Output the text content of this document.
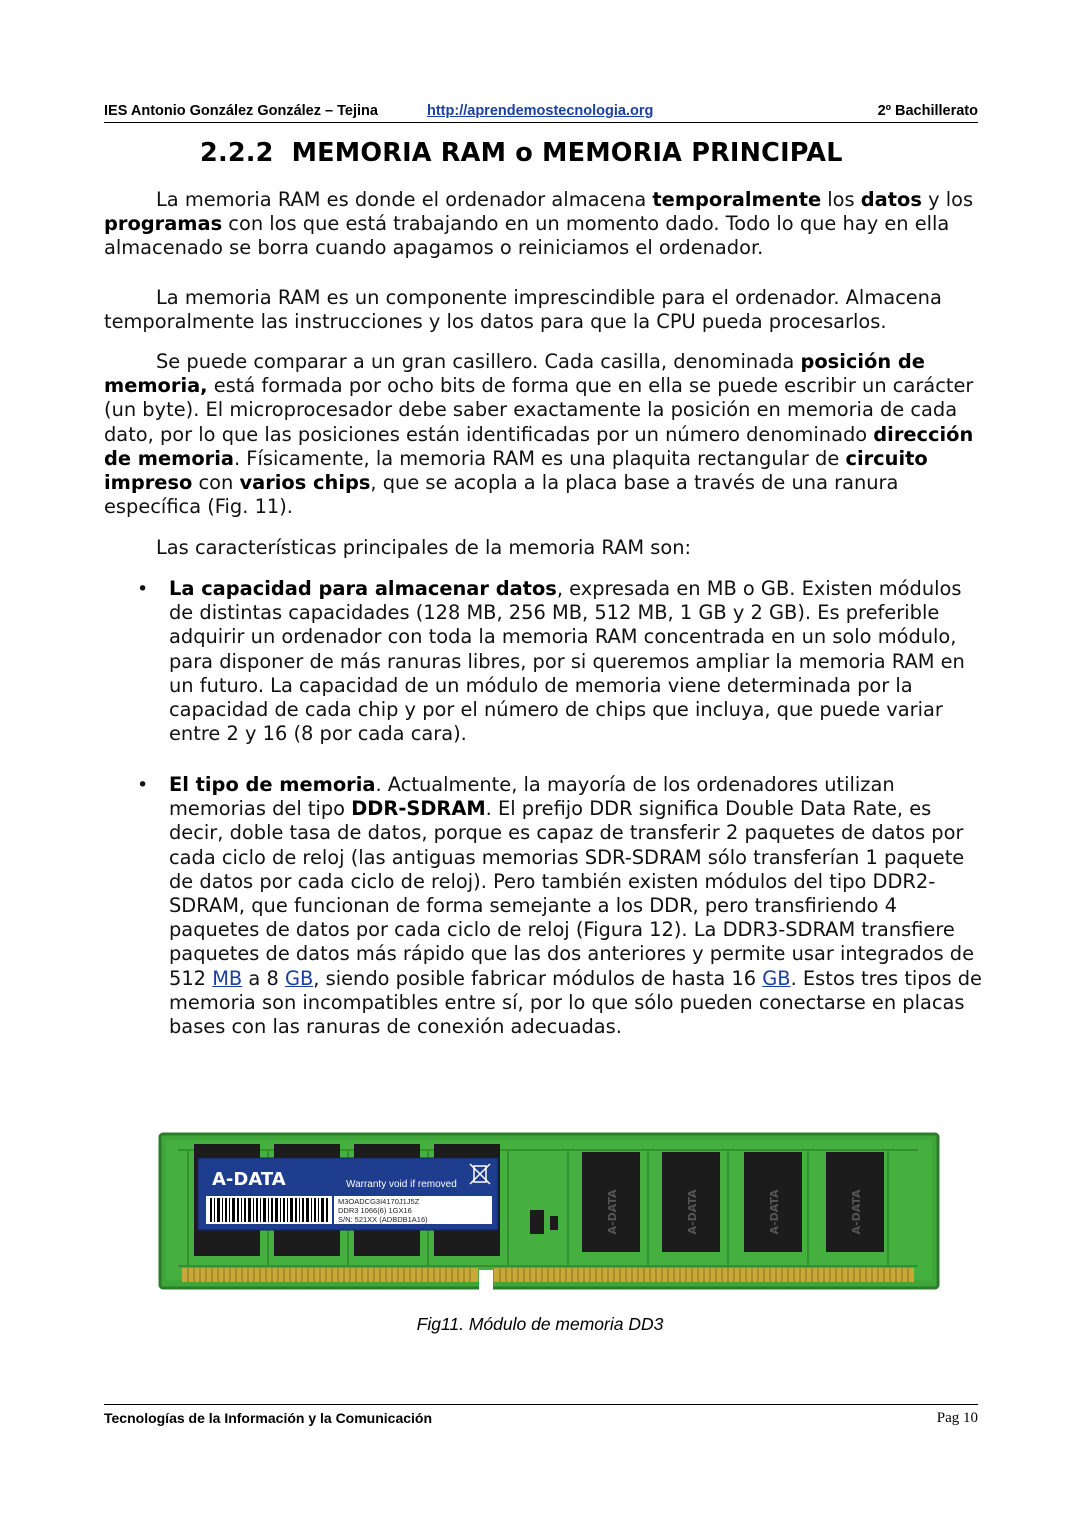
IES Antonio González González – Tejina	http://aprendemostecnologia.org	2º Bachillerato
2.2.2 MEMORIA RAM o MEMORIA PRINCIPAL

La memoria RAM es donde el ordenador almacena temporalmente los datos y los programas con los que está trabajando en un momento dado. Todo lo que hay en ella almacenado se borra cuando apagamos o reiniciamos el ordenador.

La memoria RAM es un componente imprescindible para el ordenador. Almacena temporalmente las instrucciones y los datos para que la CPU pueda procesarlos.

Se puede comparar a un gran casillero. Cada casilla, denominada posición de memoria, está formada por ocho bits de forma que en ella se puede escribir un carácter (un byte). El microprocesador debe saber exactamente la posición en memoria de cada dato, por lo que las posiciones están identificadas por un número denominado dirección de memoria. Físicamente, la memoria RAM es una plaquita rectangular de circuito impreso con varios chips, que se acopla a la placa base a través de una ranura específica (Fig. 11).

Las características principales de la memoria RAM son:

• La capacidad para almacenar datos, expresada en MB o GB. Existen módulos de distintas capacidades (128 MB, 256 MB, 512 MB, 1 GB y 2 GB). Es preferible adquirir un ordenador con toda la memoria RAM concentrada en un solo módulo, para disponer de más ranuras libres, por si queremos ampliar la memoria RAM en un futuro. La capacidad de un módulo de memoria viene determinada por la capacidad de cada chip y por el número de chips que incluya, que puede variar entre 2 y 16 (8 por cada cara).
• El tipo de memoria. Actualmente, la mayoría de los ordenadores utilizan memorias del tipo DDR-SDRAM. El prefijo DDR significa Double Data Rate, es decir, doble tasa de datos, porque es capaz de transferir 2 paquetes de datos por cada ciclo de reloj (las antiguas memorias SDR-SDRAM sólo transferían 1 paquete de datos por cada ciclo de reloj). Pero también existen módulos del tipo DDR2-SDRAM, que funcionan de forma semejante a los DDR, pero transfiriendo 4 paquetes de datos por cada ciclo de reloj (Figura 12). La DDR3-SDRAM transfiere paquetes de datos más rápido que las dos anteriores y permite usar integrados de 512 MB a 8 GB, siendo posible fabricar módulos de hasta 16 GB. Estos tres tipos de memoria son incompatibles entre sí, por lo que sólo pueden conectarse en placas bases con las ranuras de conexión adecuadas.
A-DATA	A-DATA	A-DATA	A-DATA
A-DATA	Warranty void if removed
M3OADCG3I4170J1J5Z
DDR3 1066(6) 1GX16
S/N: 521XX (ADBDB1A16)
Fig11. Módulo de memoria DD3
Tecnologías de la Información y la Comunicación	Pag 10
